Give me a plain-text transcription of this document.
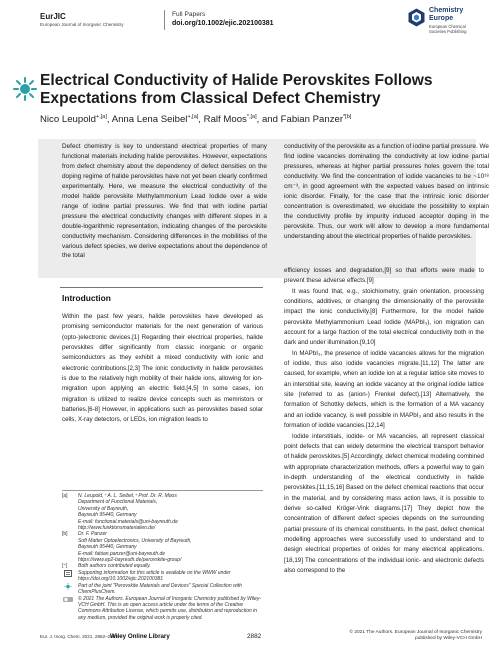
EurJIC
European Journal of Inorganic Chemistry
Full Papers
doi.org/10.1002/ejic.202100381
Chemistry
Europe
European Chemical
Societies Publishing
Electrical Conductivity of Halide Perovskites Follows Expectations from Classical Defect Chemistry
Nico Leupold$^{+,[a]}$, Anna Lena Seibel$^{+,[a]}$, Ralf Moos$^{*,[a]}$, and Fabian Panzer$^{*[b]}$
Defect chemistry is key to understand electrical properties of many functional materials including halide perovskites. However, expectations from defect chemistry about the dependency of defect densities on the doping regime of halide perovskites have not yet been clearly confirmed experimentally. Here, we measure the electrical conductivity of the model halide perovskite Methylammonium Lead Iodide over a wide range of iodine partial pressures. We find that with iodine partial pressure the electrical conductivity changes with different slopes in a double-logarithmic representation, indicating changes of the perovskite conductivity mechanism. Considering differences in the mobilities of the various defect species, we derive expectations about the dependence of the total
conductivity of the perovskite as a function of iodine partial pressure. We find iodine vacancies dominating the conductivity at low iodine partial pressures, whereas at higher partial pressures holes govern the total conductivity. We find the concentration of iodide vacancies to be ~10¹⁸ cm⁻³, in good agreement with the expected values based on intrinsic ionic disorder. Finally, for the case that the intrinsic ionic disorder concentration is overestimated, we elucidate the possibility to explain the conductivity profile by impurity induced acceptor doping in the perovskite. Thus, our work will allow to develop a more fundamental understanding about the electrical properties of halide perovskites.
Introduction

Within the past few years, halide perovskites have developed as promising semiconductor materials for the next generation of various (opto-)electronic devices.[1] Regarding their electrical properties, halide perovskites differ significantly from classic inorganic or organic semiconductors as they exhibit a mixed conductivity with ionic and electronic contributions.[2,3] The ionic conductivity in halide perovskites is due to the relatively high mobility of their halide ions, allowing for ion-migration upon applying an electric field.[4,5] In some cases, ion migration is utilized to realize device concepts such as memristors or batteries.[6-8] However, in applications such as perovskites based solar cells, X-ray detectors, or LEDs, ion migration leads to

efficiency losses and degradation,[9] so that efforts were made to prevent these adverse effects.[9]

It was found that, e.g., stoichiometry, grain orientation, processing conditions, additives, or changing the dimensionality of the perovskite impact the ionic conductivity.[8] Furthermore, for the model halide perovskite Methylammonium Lead Iodide (MAPbI₃), ion migration can account for a large fraction of the total electrical conductivity both in the dark and under illumination.[9,10]

In MAPbI₃, the presence of iodide vacancies allows for the migration of iodide, thus also iodide vacancies migrate.[11,12] The latter are caused, for example, when an iodide ion at a regular lattice site moves to an interstitial site, leaving an iodide vacancy at the original iodide lattice site (referred to as (anion-) Frenkel defect).[13] Alternatively, the formation of Schottky defects, which is the formation of a MA vacancy and an iodide vacancy, is well possible in MAPbI₃ and also results in the formation of iodide vacancies.[12,14]

Iodide interstitials, iodide- or MA vacancies, all represent classical point defects that can widely determine the electrical transport behavior of halide perovskites.[5] Accordingly, defect chemical modeling combined with appropriate characterization methods, offers a powerful way to gain in-depth understanding of the electrical conductivity in halide perovskites.[11,15,16] Based on the defect chemical reactions that occur in the material, and by considering mass action laws, it is possible to derive so-called Kröger-Vink diagrams.[17] They depict how the concentration of different defect species depends on the surrounding partial pressure of its chemical constituents. In the past, defect chemical modelling approaches were successfully used to understand and to design electrical properties of oxides for many electrical applications.[18,19] The concentrations of the individual ionic- and electronic defects also correspond to the

[a] N. Leupold,⁺ A. L. Seibel,⁺ Prof. Dr. R. Moos
Department of Functional Materials,
University of Bayreuth,
Bayreuth 95440, Germany
E-mail: functional.materials@uni-bayreuth.de
http://www.funktionsmaterialien.de/
[b] Dr. F. Panzer
Soft Matter Optoelectronics, University of Bayreuth,
Bayreuth 95440, Germany
E-mail: fabian.panzer@uni-bayreuth.de
https://www.ep2-bayreuth.de/perovskite-group/
[⁺] Both authors contributed equally.
Supporting information for this article is available on the WWW under https://doi.org/10.1002/ejic.202100381
Part of the joint "Perovskite Materials and Devices" Special Collection with ChemPlusChem.
© 2021 The Authors. European Journal of Inorganic Chemistry published by Wiley-VCH GmbH. This is an open access article under the terms of the Creative Commons Attribution License, which permits use, distribution and reproduction in any medium, provided the original work is properly cited.
Eur. J. Inorg. Chem. 2021, 2882–2889
Wiley Online Library	2882
© 2021 The Authors. European Journal of Inorganic Chemistry published by Wiley-VCH GmbH
